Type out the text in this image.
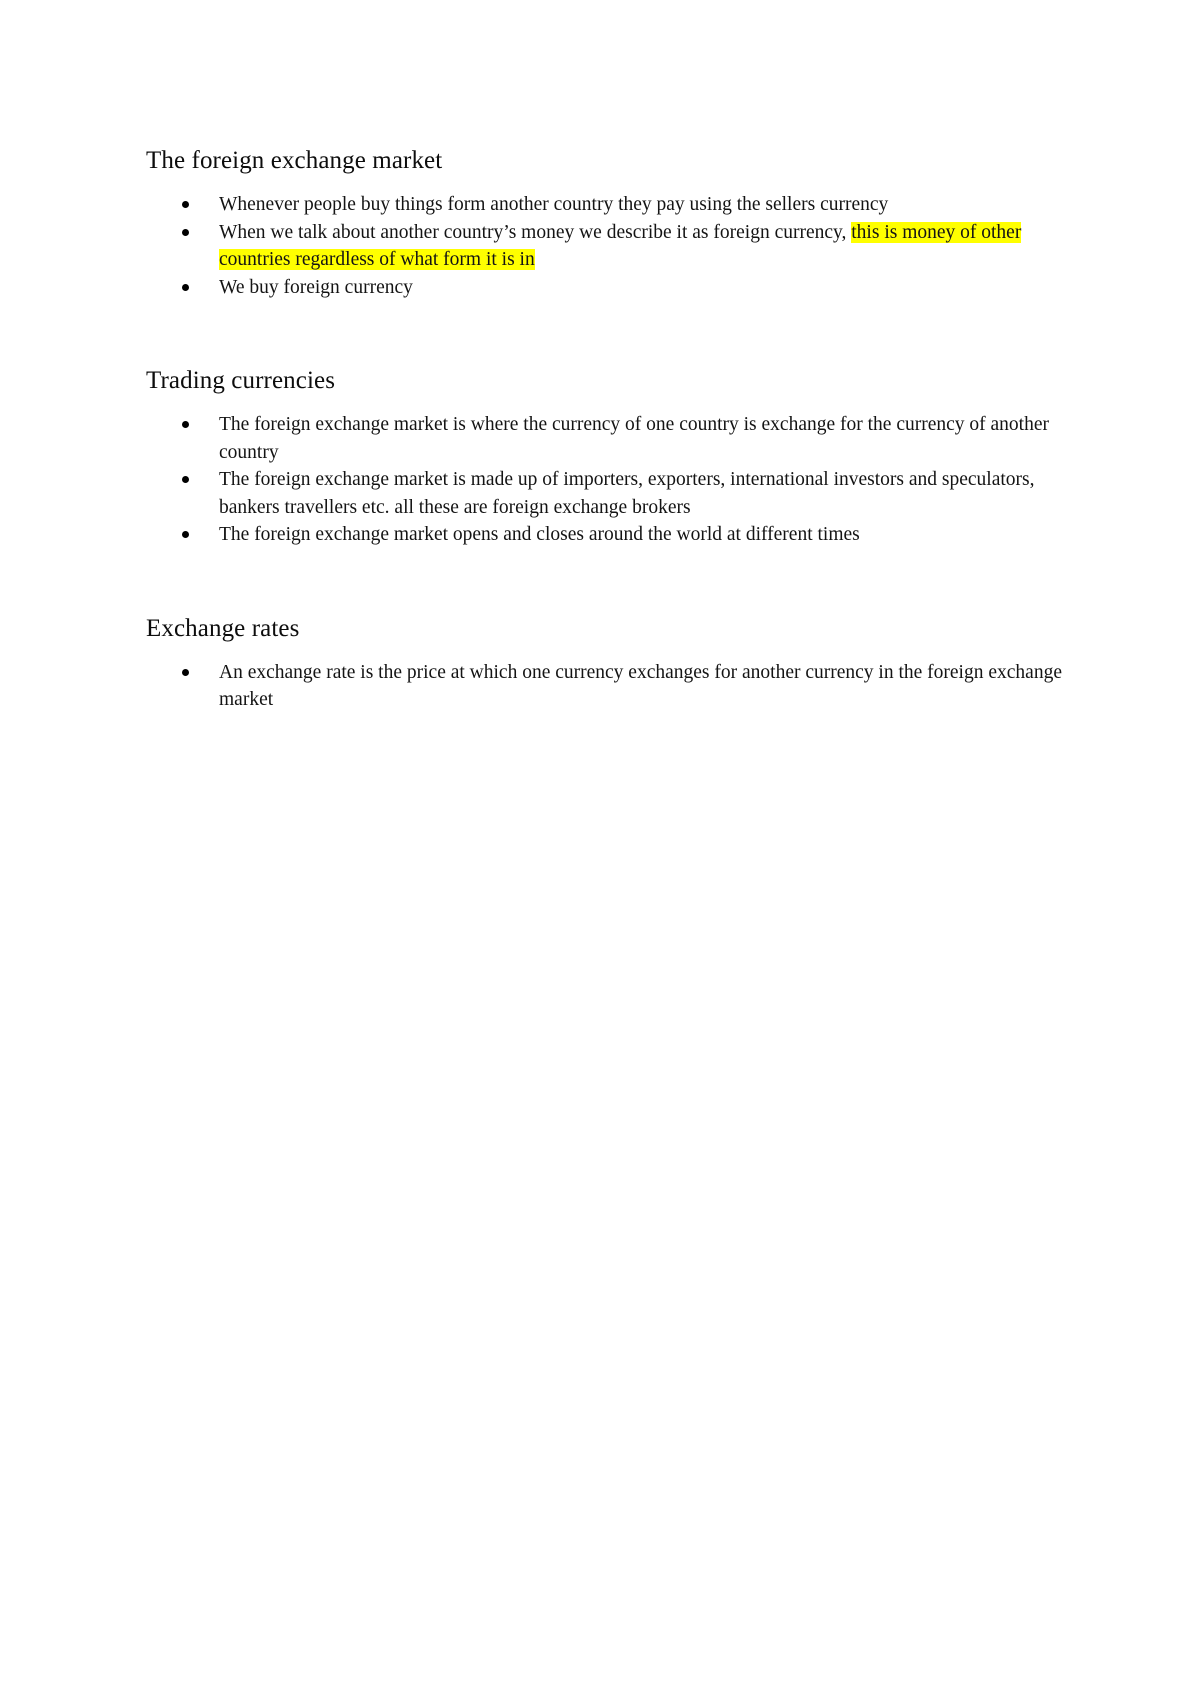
The foreign exchange market
Whenever people buy things form another country they pay using the sellers currency
When we talk about another country’s money we describe it as foreign currency, this is money of other countries regardless of what form it is in
We buy foreign currency
Trading currencies
The foreign exchange market is where the currency of one country is exchange for the currency of another country
The foreign exchange market is made up of importers, exporters, international investors and speculators, bankers travellers etc. all these are foreign exchange brokers
The foreign exchange market opens and closes around the world at different times
Exchange rates
An exchange rate is the price at which one currency exchanges for another currency in the foreign exchange market
